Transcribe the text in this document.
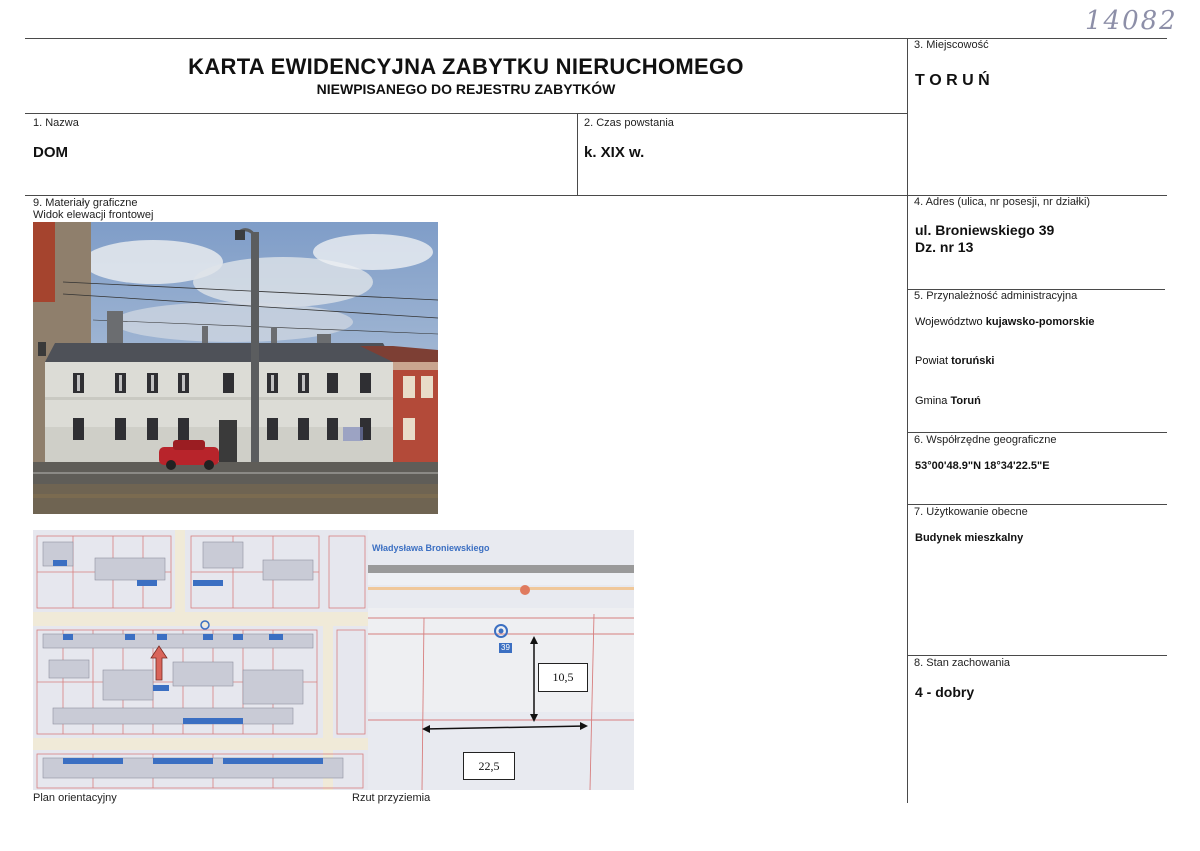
14082
KARTA EWIDENCYJNA ZABYTKU NIERUCHOMEGO
NIEWPISANEGO DO REJESTRU ZABYTKÓW
1. Nazwa
DOM
2. Czas powstania
k. XIX w.
3. Miejscowość
T O R U Ń
4. Adres (ulica, nr posesji, nr działki)
ul. Broniewskiego 39
Dz. nr 13
5. Przynależność administracyjna
Województwo kujawsko-pomorskie
Powiat toruński
Gmina Toruń
6. Współrzędne geograficzne
53°00'48.9"N 18°34'22.5"E
7. Użytkowanie obecne
Budynek mieszkalny
8. Stan zachowania
4 - dobry
9. Materiały graficzne
Widok elewacji frontowej
Plan orientacyjny
Władysława Broniewskiego
39
10,5
22,5
Rzut przyziemia
